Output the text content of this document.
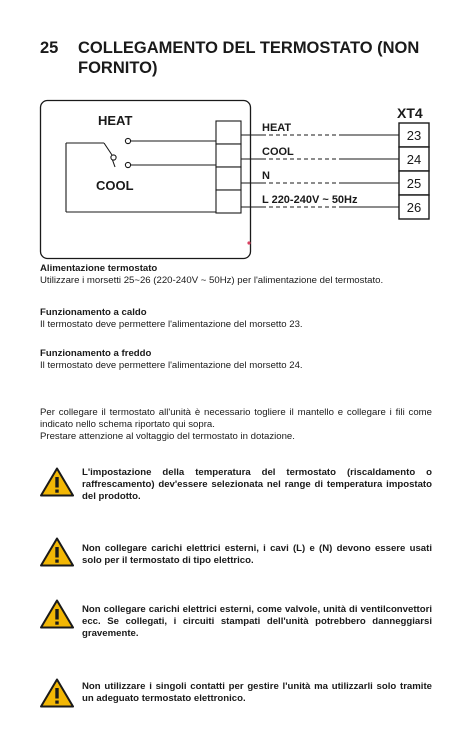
25 COLLEGAMENTO DEL TERMOSTATO (NON
FORNITO)
HEAT
COOL
HEAT
COOL
N
L 220-240V ~ 50Hz
XT4
23
24
25
26
Alimentazione termostato
Utilizzare i morsetti 25~26 (220-240V ~ 50Hz) per l'alimentazione del termostato.
Funzionamento a caldo
Il termostato deve permettere l'alimentazione del morsetto 23.
Funzionamento a freddo
Il termostato deve permettere l'alimentazione del morsetto 24.
Per collegare il termostato all'unità è necessario togliere il mantello e collegare i fili come indicato nello schema riportato qui sopra.
Prestare attenzione al voltaggio del termostato in dotazione.
L'impostazione della temperatura del termostato (riscaldamento o raffrescamento) dev'essere selezionata nel range di temperatura impostato del prodotto.
Non collegare carichi elettrici esterni, i cavi (L) e (N) devono essere usati solo per il termostato di tipo elettrico.
Non collegare carichi elettrici esterni, come valvole, unità di ventilconvettori ecc. Se collegati, i circuiti stampati dell'unità potrebbero danneggiarsi gravemente.
Non utilizzare i singoli contatti per gestire l'unità ma utilizzarli solo tramite un adeguato termostato elettronico.
